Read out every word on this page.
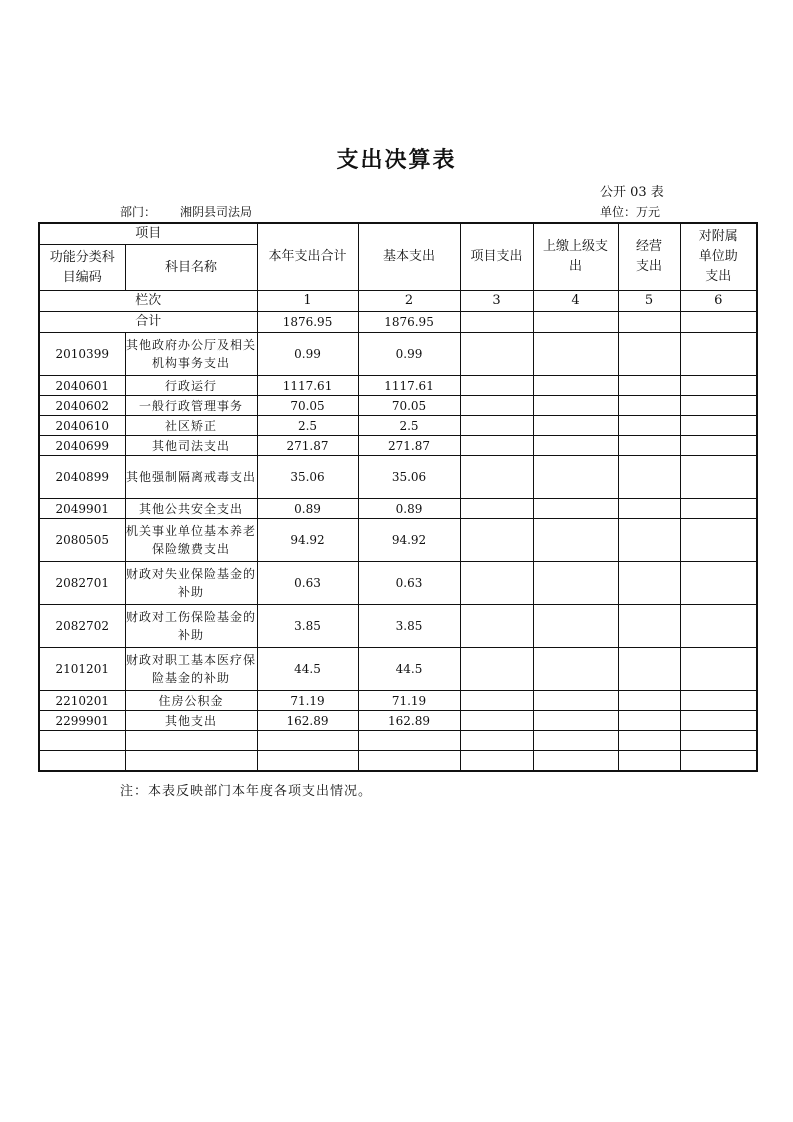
支出决算表
公开 03 表
部门： 湘阴县司法局	单位：万元
项目		本年支出合计	基本支出	项目支出	上缴上级支出	经营支出	对附属单位助支出
功能分类科目编码	科目名称						
栏次		1	2	3	4	5	6
合计		1876.95	1876.95				
2010399	其他政府办公厅及相关机构事务支出	0.99	0.99				
2040601	行政运行	1117.61	1117.61				
2040602	一般行政管理事务	70.05	70.05				
2040610	社区矫正	2.5	2.5				
2040699	其他司法支出	271.87	271.87				
2040899	其他强制隔离戒毒支出	35.06	35.06				
2049901	其他公共安全支出	0.89	0.89				
2080505	机关事业单位基本养老保险缴费支出	94.92	94.92				
2082701	财政对失业保险基金的补助	0.63	0.63				
2082702	财政对工伤保险基金的补助	3.85	3.85				
2101201	财政对职工基本医疗保险基金的补助	44.5	44.5				
2210201	住房公积金	71.19	71.19				
2299901	其他支出	162.89	162.89				

注：本表反映部门本年度各项支出情况。
